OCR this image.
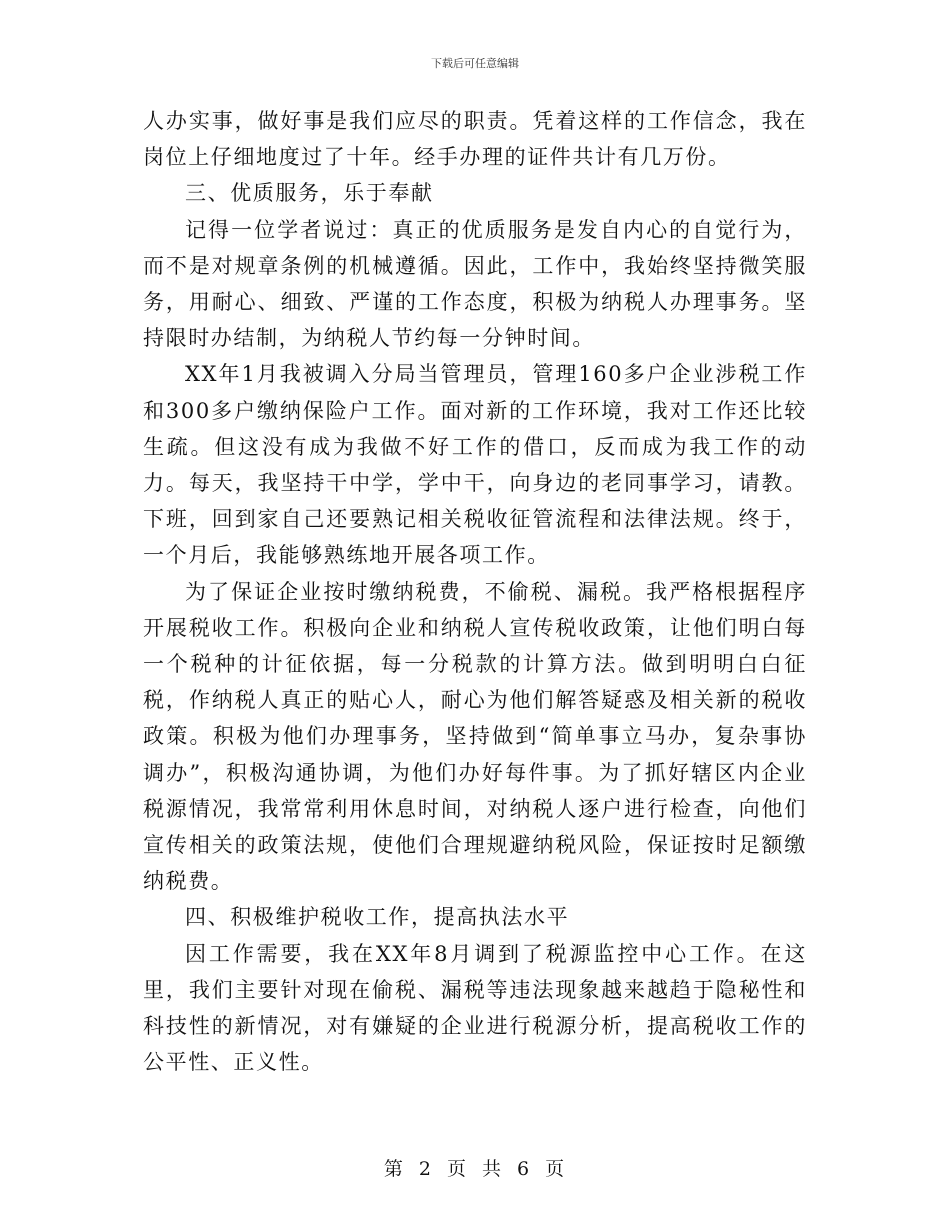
下载后可任意编辑

人办实事，做好事是我们应尽的职责。凭着这样的工作信念，我在岗位上仔细地度过了十年。经手办理的证件共计有几万份。

三、优质服务，乐于奉献

记得一位学者说过：真正的优质服务是发自内心的自觉行为，而不是对规章条例的机械遵循。因此，工作中，我始终坚持微笑服务，用耐心、细致、严谨的工作态度，积极为纳税人办理事务。坚持限时办结制，为纳税人节约每一分钟时间。

XX年1月我被调入分局当管理员，管理160多户企业涉税工作和300多户缴纳保险户工作。面对新的工作环境，我对工作还比较生疏。但这没有成为我做不好工作的借口，反而成为我工作的动力。每天，我坚持干中学，学中干，向身边的老同事学习，请教。下班，回到家自己还要熟记相关税收征管流程和法律法规。终于，一个月后，我能够熟练地开展各项工作。

为了保证企业按时缴纳税费，不偷税、漏税。我严格根据程序开展税收工作。积极向企业和纳税人宣传税收政策，让他们明白每一个税种的计征依据，每一分税款的计算方法。做到明明白白征税，作纳税人真正的贴心人，耐心为他们解答疑惑及相关新的税收政策。积极为他们办理事务，坚持做到“简单事立马办，复杂事协调办”，积极沟通协调，为他们办好每件事。为了抓好辖区内企业税源情况，我常常利用休息时间，对纳税人逐户进行检查，向他们宣传相关的政策法规，使他们合理规避纳税风险，保证按时足额缴纳税费。

四、积极维护税收工作，提高执法水平

因工作需要，我在XX年8月调到了税源监控中心工作。在这里，我们主要针对现在偷税、漏税等违法现象越来越趋于隐秘性和科技性的新情况，对有嫌疑的企业进行税源分析，提高税收工作的公平性、正义性。

第 2 页 共 6 页
